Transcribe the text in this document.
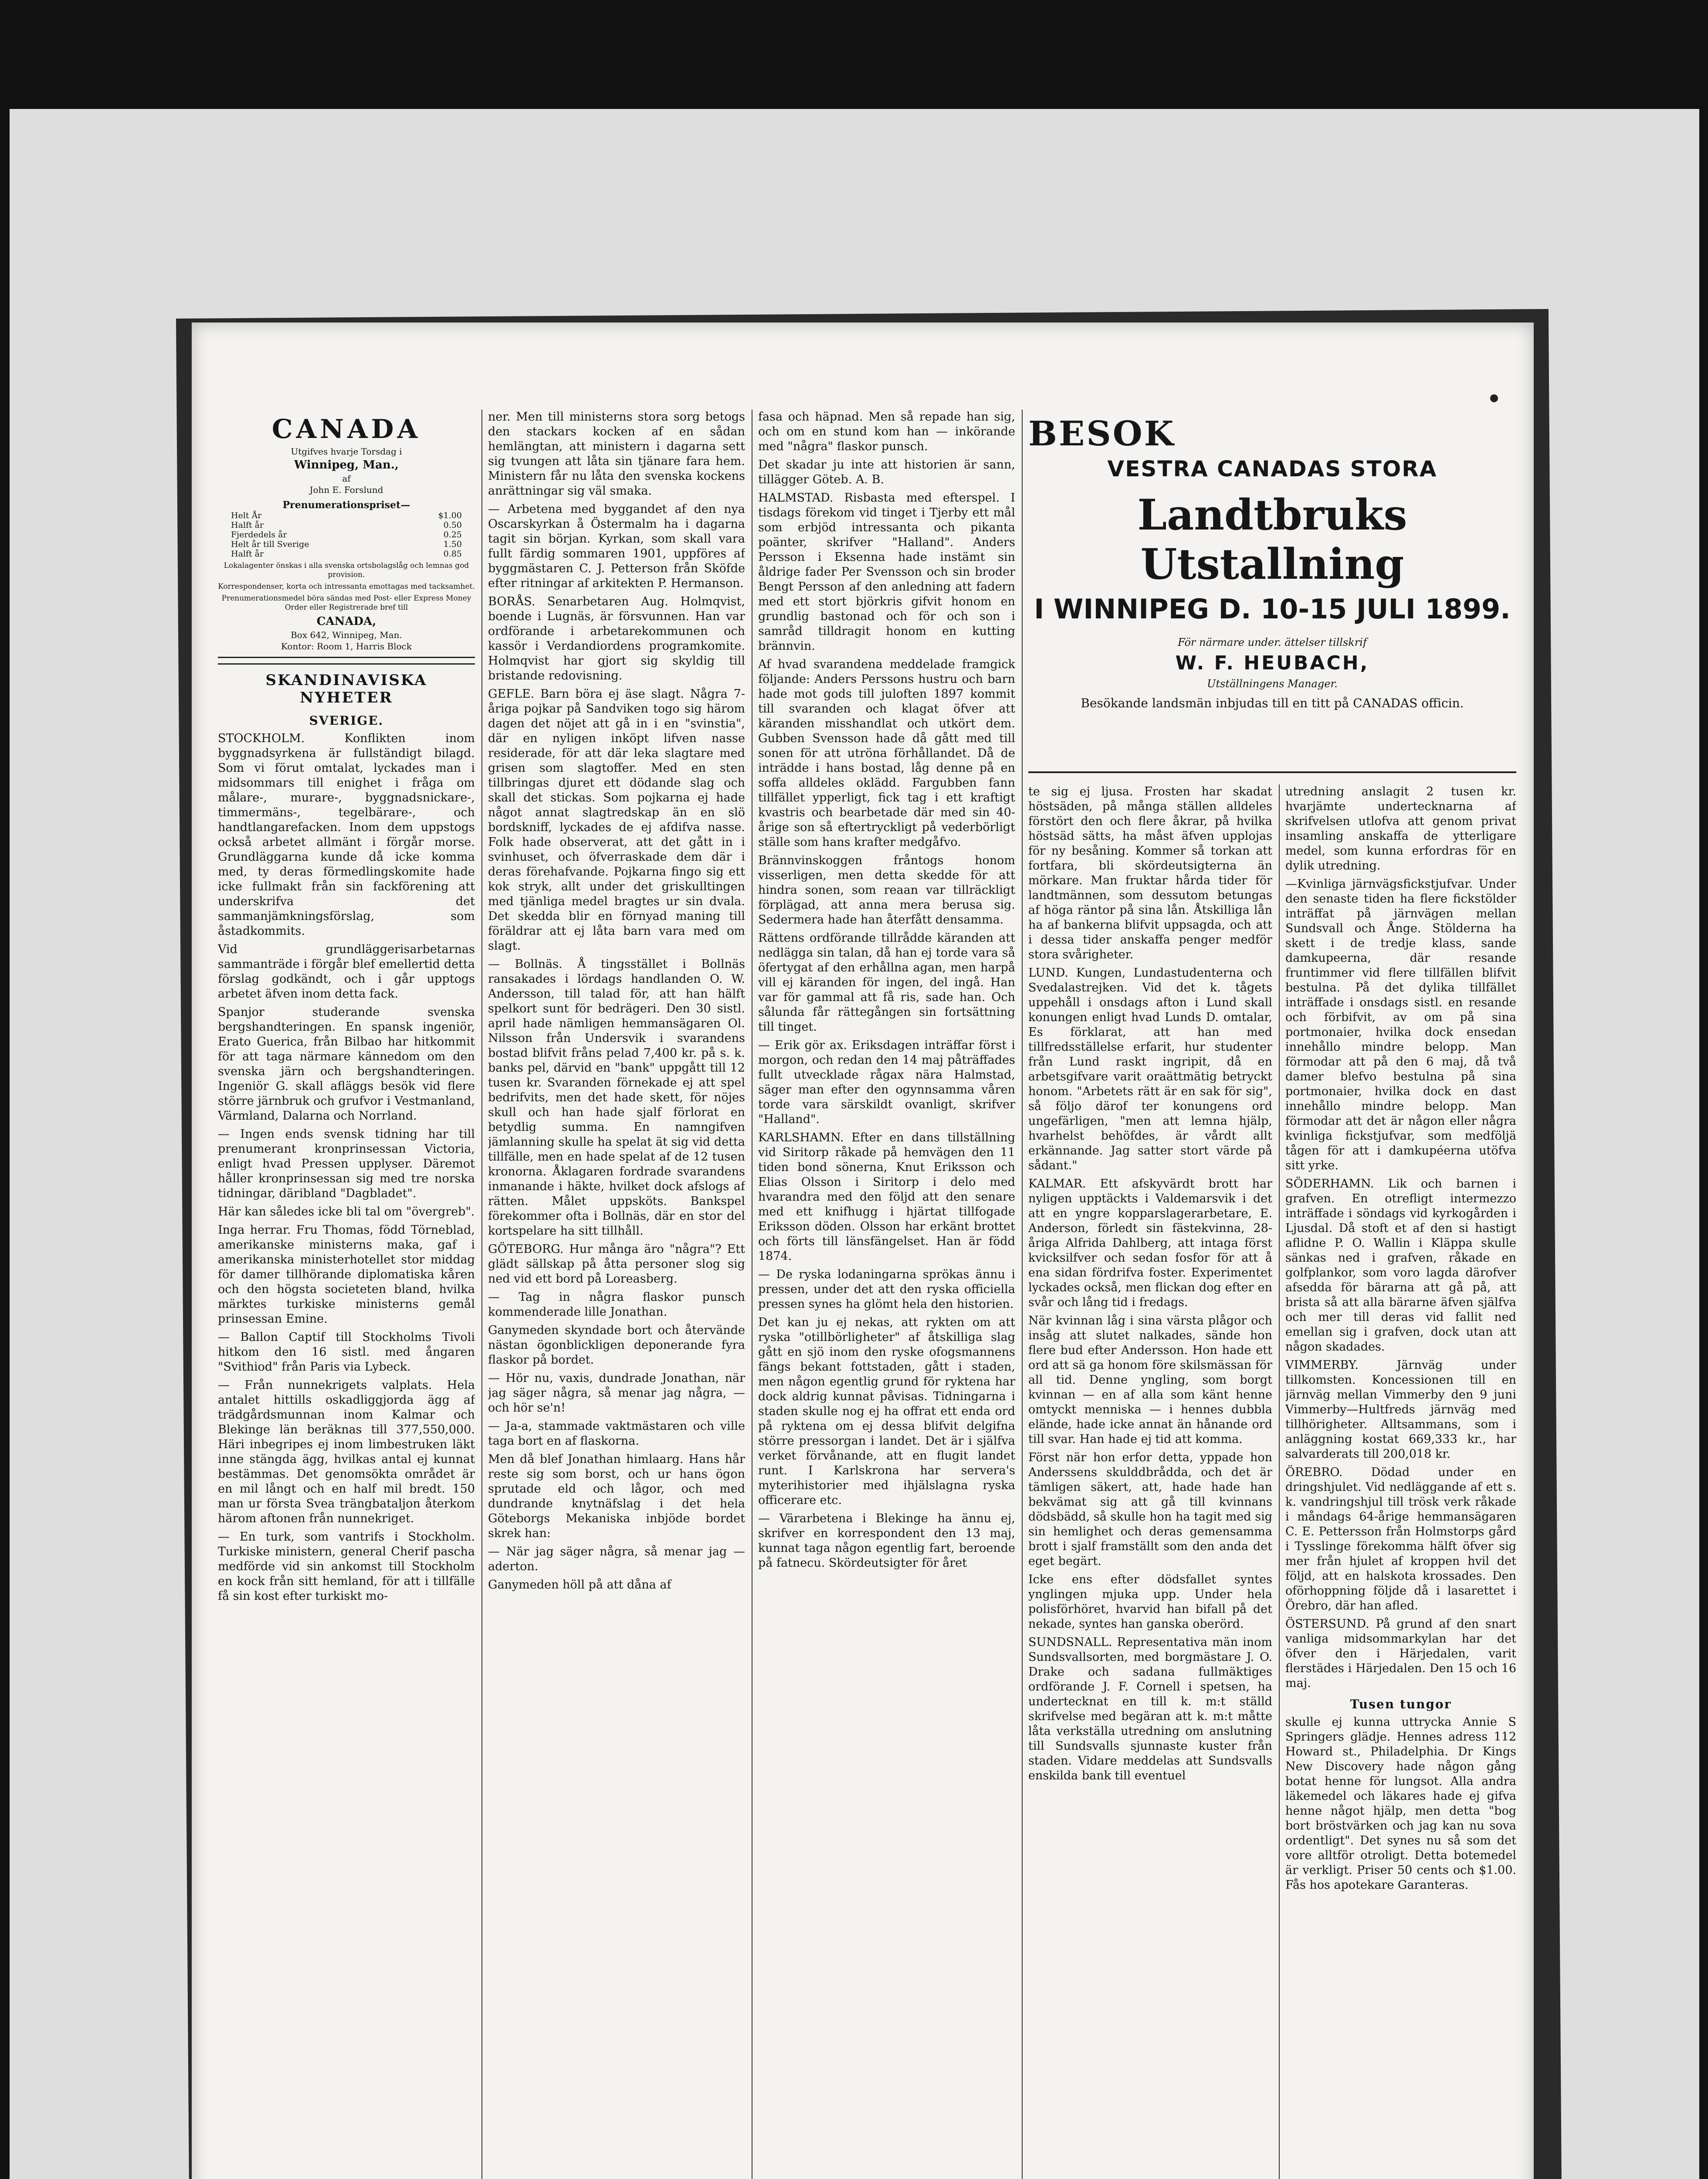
CANADA
Utgifves hvarje Torsdag i
Winnipeg, Man.,
af
John E. Forslund
Prenumerationspriset—
Helt År	$1.00
Halft år	0.50
Fjerdedels år	0.25
Helt år till Sverige	1.50
Halft år	0.85
Lokalagenter önskas i alla svenska ortsbolagslåg och lemnas god provision.
Korrespondenser, korta och intressanta emottagas med tacksamhet.
Prenumerationsmedel böra sändas med Post- eller Express Money Order eller Registrerade bref till
CANADA,
Box 642, Winnipeg, Man.
Kontor: Room 1, Harris Block
SKANDINAVISKA NYHETER
SVERIGE.

STOCKHOLM. Konflikten inom byggnadsyrkena är fullständigt bilagd. Som vi förut omtalat, lyckades man i midsommars till enighet i fråga om målare-, murare-, byggnadsnickare-, timmermäns-, tegelbärare-, och handtlangarefacken. Inom dem uppstogs också arbetet allmänt i förgår morse. Grundläggarna kunde då icke komma med, ty deras förmedlingskomite hade icke fullmakt från sin fackförening att underskrifva det sammanjämkningsförslag, som åstadkommits.

Vid grundläggerisarbetarnas sammanträde i förgår blef emellertid detta förslag godkändt, och i går upptogs arbetet äfven inom detta fack.

Spanjor studerande svenska bergshandteringen. En spansk ingeniör, Erato Guerica, från Bilbao har hitkommit för att taga närmare kännedom om den svenska järn och bergshandteringen. Ingeniör G. skall afläggs besök vid flere större järnbruk och grufvor i Vestmanland, Värmland, Dalarna och Norrland.

— Ingen ends svensk tidning har till prenumerant kronprinsessan Victoria, enligt hvad Pressen upplyser. Däremot håller kronprinsessan sig med tre norska tidningar, däribland "Dagbladet".

Här kan således icke bli tal om "övergreb".

Inga herrar. Fru Thomas, född Törneblad, amerikanske ministerns maka, gaf i amerikanska ministerhotellet stor middag för damer tillhörande diplomatiska kåren och den högsta societeten bland, hvilka märktes turkiske ministerns gemål prinsessan Emine.

— Ballon Captif till Stockholms Tivoli hitkom den 16 sistl. med ångaren "Svithiod" från Paris via Lybeck.

— Från nunnekrigets valplats. Hela antalet hittills oskadliggjorda ägg af trädgårdsmunnan inom Kalmar och Blekinge län beräknas till 377,550,000. Häri inbegripes ej inom limbestruken läkt inne stängda ägg, hvilkas antal ej kunnat bestämmas. Det genomsökta området är en mil långt och en half mil bredt. 150 man ur första Svea trängbataljon återkom härom aftonen från nunnekriget.

— En turk, som vantrifs i Stockholm. Turkiske ministern, general Cherif pascha medförde vid sin ankomst till Stockholm en kock från sitt hemland, för att i tillfälle få sin kost efter turkiskt mo-

ner. Men till ministerns stora sorg betogs den stackars kocken af en sådan hemlängtan, att ministern i dagarna sett sig tvungen att låta sin tjänare fara hem. Ministern får nu låta den svenska kockens anrättningar sig väl smaka.

— Arbetena med byggandet af den nya Oscarskyrkan å Östermalm ha i dagarna tagit sin början. Kyrkan, som skall vara fullt färdig sommaren 1901, uppföres af byggmästaren C. J. Petterson från Sköfde efter ritningar af arkitekten P. Hermanson.

BORÅS. Senarbetaren Aug. Holmqvist, boende i Lugnäs, är försvunnen. Han var ordförande i arbetarekommunen och kassör i Verdandiordens programkomite. Holmqvist har gjort sig skyldig till bristande redovisning.

GEFLE. Barn böra ej äse slagt. Några 7-åriga pojkar på Sandviken togo sig härom dagen det nöjet att gå in i en "svinstia", där en nyligen inköpt lifven nasse residerade, för att där leka slagtare med grisen som slagtoffer. Med en sten tillbringas djuret ett dödande slag och skall det stickas. Som pojkarna ej hade något annat slagtredskap än en slö bordskniff, lyckades de ej afdifva nasse. Folk hade observerat, att det gått in i svinhuset, och öfverraskade dem där i deras förehafvande. Pojkarna fingo sig ett kok stryk, allt under det griskulltingen med tjänliga medel bragtes ur sin dvala. Det skedda blir en förnyad maning till föräldrar att ej låta barn vara med om slagt.

— Bollnäs. Å tingsstället i Bollnäs ransakades i lördags handlanden O. W. Andersson, till talad för, att han hälft spelkort sunt för bedrägeri. Den 30 sistl. april hade nämligen hemmansägaren Ol. Nilsson från Undersvik i svarandens bostad blifvit fråns pelad 7,400 kr. på s. k. banks pel, därvid en "bank" uppgått till 12 tusen kr. Svaranden förnekade ej att spel bedrifvits, men det hade skett, för nöjes skull och han hade sjalf förlorat en betydlig summa. En namngifven jämlanning skulle ha spelat ät sig vid detta tillfälle, men en hade spelat af de 12 tusen kronorna. Åklagaren fordrade svarandens inmanande i häkte, hvilket dock afslogs af rätten. Målet uppsköts. Bankspel förekommer ofta i Bollnäs, där en stor del kortspelare ha sitt tillhåll.

GÖTEBORG. Hur många äro "några"? Ett glädt sällskap på åtta personer slog sig ned vid ett bord på Loreasberg.

— Tag in några flaskor punsch kommenderade lille Jonathan.

Ganymeden skyndade bort och återvände nästan ögonblickligen deponerande fyra flaskor på bordet.

— Hör nu, vaxis, dundrade Jonathan, när jag säger några, så menar jag några, — och hör se'n!

— Ja-a, stammade vaktmästaren och ville taga bort en af flaskorna.

Men då blef Jonathan himlaarg. Hans hår reste sig som borst, och ur hans ögon sprutade eld och lågor, och med dundrande knytnäfslag i det hela Göteborgs Mekaniska inbjöde bordet skrek han:

— När jag säger några, så menar jag — aderton.

Ganymeden höll på att dåna af

fasa och häpnad. Men så repade han sig, och om en stund kom han — inkörande med "några" flaskor punsch.

Det skadar ju inte att historien är sann, tillägger Göteb. A. B.

HALMSTAD. Risbasta med efterspel. I tisdags förekom vid tinget i Tjerby ett mål som erbjöd intressanta och pikanta poänter, skrifver "Halland". Anders Persson i Eksenna hade instämt sin åldrige fader Per Svensson och sin broder Bengt Persson af den anledning att fadern med ett stort björkris gifvit honom en grundlig bastonad och för och son i samråd tilldragit honom en kutting brännvin.

Af hvad svarandena meddelade framgick följande: Anders Perssons hustru och barn hade mot gods till juloften 1897 kommit till svaranden och klagat öfver att käranden misshandlat och utkört dem. Gubben Svensson hade då gått med till sonen för att utröna förhållandet. Då de inträdde i hans bostad, låg denne på en soffa alldeles oklädd. Fargubben fann tillfället ypperligt, fick tag i ett kraftigt kvastris och bearbetade där med sin 40-årige son så eftertryckligt på vederbörligt ställe som hans krafter medgåfvo.

Brännvinskoggen fråntogs honom visserligen, men detta skedde för att hindra sonen, som reaan var tillräckligt förplägad, att anna mera berusa sig. Sedermera hade han återfått densamma.

Rättens ordförande tillrådde käranden att nedlägga sin talan, då han ej torde vara så öfertygat af den erhållna agan, men harpå vill ej käranden för ingen, del ingå. Han var för gammal att få ris, sade han. Och sålunda får rättegången sin fortsättning till tinget.

— Erik gör ax. Eriksdagen inträffar först i morgon, och redan den 14 maj påträffades fullt utvecklade rågax nära Halmstad, säger man efter den ogynnsamma våren torde vara särskildt ovanligt, skrifver "Halland".

KARLSHAMN. Efter en dans tillställning vid Siritorp råkade på hemvägen den 11 tiden bond sönerna, Knut Eriksson och Elias Olsson i Siritorp i delo med hvarandra med den följd att den senare med ett knifhugg i hjärtat tillfogade Eriksson döden. Olsson har erkänt brottet och förts till länsfängelset. Han är född 1874.

— De ryska lodaningarna sprökas ännu i pressen, under det att den ryska officiella pressen synes ha glömt hela den historien.

Det kan ju ej nekas, att rykten om att ryska "otillbörligheter" af åtskilliga slag gått en sjö inom den ryske ofogsmannens fängs bekant fottstaden, gått i staden, men någon egentlig grund för ryktena har dock aldrig kunnat påvisas. Tidningarna i staden skulle nog ej ha offrat ett enda ord på ryktena om ej dessa blifvit delgifna större pressorgan i landet. Det är i själfva verket förvånande, att en flugit landet runt. I Karlskrona har servera's myterihistorier med ihjälslagna ryska officerare etc.

— Värarbetena i Blekinge ha ännu ej, skrifver en korrespondent den 13 maj, kunnat taga någon egentlig fart, beroende på fatnecu. Skördeutsigter för året

BESOK
VESTRA CANADAS STORA
Landtbruks Utstallning
I WINNIPEG D. 10-15 JULI 1899.
För närmare under. ättelser tillskrif
W. F. HEUBACH,
Utställningens Manager.
Besökande landsmän inbjudas till en titt på CANADAS officin.

te sig ej ljusa. Frosten har skadat höstsäden, på många ställen alldeles förstört den och flere åkrar, på hvilka höstsäd sätts, ha måst äfven upplojas för ny besåning. Kommer så torkan att fortfara, bli skördeutsigterna än mörkare. Man fruktar hårda tider för landtmännen, som dessutom betungas af höga räntor på sina lån. Åtskilliga lån ha af bankerna blifvit uppsagda, och att i dessa tider anskaffa penger medför stora svårigheter.

LUND. Kungen, Lundastudenterna och Svedalastrejken. Vid det k. tågets uppehåll i onsdags afton i Lund skall konungen enligt hvad Lunds D. omtalar, Es förklarat, att han med tillfredsställelse erfarit, hur studenter från Lund raskt ingripit, då en arbetsgifvare varit oraättmätig betryckt honom. "Arbetets rätt är en sak för sig", så följo därof ter konungens ord ungefärligen, "men att lemna hjälp, hvarhelst behöfdes, är vårdt allt erkännande. Jag satter stort värde på sådant."

KALMAR. Ett afskyvärdt brott har nyligen upptäckts i Valdemarsvik i det att en yngre kopparslagerarbetare, E. Anderson, förledt sin fästekvinna, 28-åriga Alfrida Dahlberg, att intaga först kvicksilfver och sedan fosfor för att å ena sidan fördrifva foster. Experimentet lyckades också, men flickan dog efter en svår och lång tid i fredags.

När kvinnan låg i sina värsta plågor och insåg att slutet nalkades, sände hon flere bud efter Andersson. Hon hade ett ord att sä ga honom före skilsmässan för all tid. Denne yngling, som borgt kvinnan — en af alla som känt henne omtyckt menniska — i hennes dubbla elände, hade icke annat än hånande ord till svar. Han hade ej tid att komma.

Först när hon erfor detta, yppade hon Anderssens skulddbrådda, och det är tämligen säkert, att, hade hade han bekvämat sig att gå till kvinnans dödsbädd, så skulle hon ha tagit med sig sin hemlighet och deras gemensamma brott i sjalf framställt som den anda det eget begärt.

Icke ens efter dödsfallet syntes ynglingen mjuka upp. Under hela polisförhöret, hvarvid han bifall på det nekade, syntes han ganska oberörd.

SUNDSNALL. Representativa män inom Sundsvallsorten, med borgmästare J. O. Drake och sadana fullmäktiges ordförande J. F. Cornell i spetsen, ha undertecknat en till k. m:t ställd skrifvelse med begäran att k. m:t måtte låta verkställa utredning om anslutning till Sundsvalls sjunnaste kuster från staden. Vidare meddelas att Sundsvalls enskilda bank till eventuel

utredning anslagit 2 tusen kr. hvarjämte undertecknarna af skrifvelsen utlofva att genom privat insamling anskaffa de ytterligare medel, som kunna erfordras för en dylik utredning.

—Kvinliga järnvägsfickstjufvar. Under den senaste tiden ha flere fickstölder inträffat på järnvägen mellan Sundsvall och Ånge. Stölderna ha skett i de tredje klass, sande damkupeerna, där resande fruntimmer vid flere tillfällen blifvit bestulna. På det dylika tillfället inträffade i onsdags sistl. en resande och förbifvit, av om på sina portmonaier, hvilka dock ensedan innehållo mindre belopp. Man förmodar att på den 6 maj, då två damer blefvo bestulna på sina portmonaier, hvilka dock en dast innehållo mindre belopp. Man förmodar att det är någon eller några kvinliga fickstjufvar, som medföljä tågen för att i damkupéerna utöfva sitt yrke.

SÖDERHAMN. Lik och barnen i grafven. En otrefligt intermezzo inträffade i söndags vid kyrkogården i Ljusdal. Då stoft et af den si hastigt aflidne P. O. Wallin i Kläppa skulle sänkas ned i grafven, råkade en golfplankor, som voro lagda därofver afsedda för bärarna att gå på, att brista så att alla bärarne äfven själfva och mer till deras vid fallit ned emellan sig i grafven, dock utan att någon skadades.

VIMMERBY. Järnväg under tillkomsten. Koncessionen till en järnväg mellan Vimmerby den 9 juni Vimmerby—Hultfreds järnväg med tillhörigheter. Alltsammans, som i anläggning kostat 669,333 kr., har salvarderats till 200,018 kr.

ÖREBRO. Dödad under en dringshjulet. Vid nedläggande af ett s. k. vandringshjul till trösk verk råkade i måndags 64-årige hemmansägaren C. E. Pettersson från Holmstorps gård i Tysslinge förekomma hälft öfver sig mer från hjulet af kroppen hvil det följd, att en halskota krossades. Den oförhoppning följde då i lasarettet i Örebro, där han afled.

ÖSTERSUND. På grund af den snart vanliga midsommarkylan har det öfver den i Härjedalen, varit flerstädes i Härjedalen. Den 15 och 16 maj.

Tusen tungor

skulle ej kunna uttrycka Annie S Springers glädje. Hennes adress 112 Howard st., Philadelphia. Dr Kings New Discovery hade någon gång botat henne för lungsot. Alla andra läkemedel och läkares hade ej gifva henne något hjälp, men detta "bog bort bröstvärken och jag kan nu sova ordentligt". Det synes nu så som det vore alltför otroligt. Detta botemedel är verkligt. Priser 50 cents och $1.00. Fås hos apotekare Garanteras.
